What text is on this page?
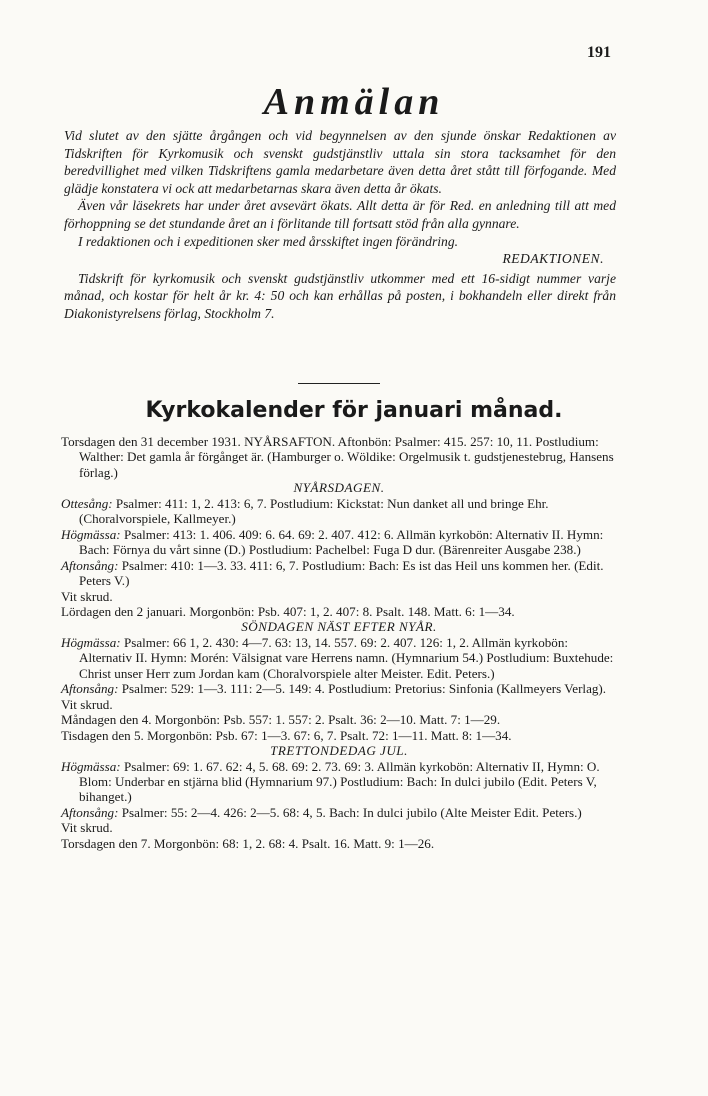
191
Anmälan

Vid slutet av den sjätte årgången och vid begynnelsen av den sjunde önskar Redaktionen av Tidskriften för Kyrkomusik och svenskt gudstjänstliv uttala sin stora tacksamhet för den beredvillighet med vilken Tidskriftens gamla medarbetare även detta året stått till förfogande. Med glädje konstatera vi ock att medarbetarnas skara även detta år ökats.

Även vår läsekrets har under året avsevärt ökats. Allt detta är för Red. en anledning till att med förhoppning se det stundande året an i förlitande till fortsatt stöd från alla gynnare.

I redaktionen och i expeditionen sker med årsskiftet ingen förändring.

REDAKTIONEN.

Tidskrift för kyrkomusik och svenskt gudstjänstliv utkommer med ett 16-sidigt nummer varje månad, och kostar för helt år kr. 4: 50 och kan erhållas på posten, i bokhandeln eller direkt från Diakonistyrelsens förlag, Stockholm 7.

Kyrkokalender för januari månad.

Torsdagen den 31 december 1931. NYÅRSAFTON. Aftonbön: Psalmer: 415. 257: 10, 11. Postludium: Walther: Det gamla år förgånget är. (Hamburger o. Wöldike: Orgelmusik t. gudstjenestebrug, Hansens förlag.)

NYÅRSDAGEN.

Ottesång: Psalmer: 411: 1, 2. 413: 6, 7. Postludium: Kickstat: Nun danket all und bringe Ehr. (Choralvorspiele, Kallmeyer.)

Högmässa: Psalmer: 413: 1. 406. 409: 6. 64. 69: 2. 407. 412: 6. Allmän kyrkobön: Alternativ II. Hymn: Bach: Förnya du vårt sinne (D.) Postludium: Pachelbel: Fuga D dur. (Bärenreiter Ausgabe 238.)

Aftonsång: Psalmer: 410: 1—3. 33. 411: 6, 7. Postludium: Bach: Es ist das Heil uns kommen her. (Edit. Peters V.)

Vit skrud.

Lördagen den 2 januari. Morgonbön: Psb. 407: 1, 2. 407: 8. Psalt. 148. Matt. 6: 1—34.

SÖNDAGEN NÄST EFTER NYÅR.

Högmässa: Psalmer: 66 1, 2. 430: 4—7. 63: 13, 14. 557. 69: 2. 407. 126: 1, 2. Allmän kyrkobön: Alternativ II. Hymn: Morén: Välsignat vare Herrens namn. (Hymnarium 54.) Postludium: Buxtehude: Christ unser Herr zum Jordan kam (Choralvorspiele alter Meister. Edit. Peters.)

Aftonsång: Psalmer: 529: 1—3. 111: 2—5. 149: 4. Postludium: Pretorius: Sinfonia (Kallmeyers Verlag).

Vit skrud.

Måndagen den 4. Morgonbön: Psb. 557: 1. 557: 2. Psalt. 36: 2—10. Matt. 7: 1—29.

Tisdagen den 5. Morgonbön: Psb. 67: 1—3. 67: 6, 7. Psalt. 72: 1—11. Matt. 8: 1—34.

TRETTONDEDAG JUL.

Högmässa: Psalmer: 69: 1. 67. 62: 4, 5. 68. 69: 2. 73. 69: 3. Allmän kyrkobön: Alternativ II, Hymn: O. Blom: Underbar en stjärna blid (Hymnarium 97.) Postludium: Bach: In dulci jubilo (Edit. Peters V, bihanget.)

Aftonsång: Psalmer: 55: 2—4. 426: 2—5. 68: 4, 5. Bach: In dulci jubilo (Alte Meister Edit. Peters.)

Vit skrud.

Torsdagen den 7. Morgonbön: 68: 1, 2. 68: 4. Psalt. 16. Matt. 9: 1—26.
